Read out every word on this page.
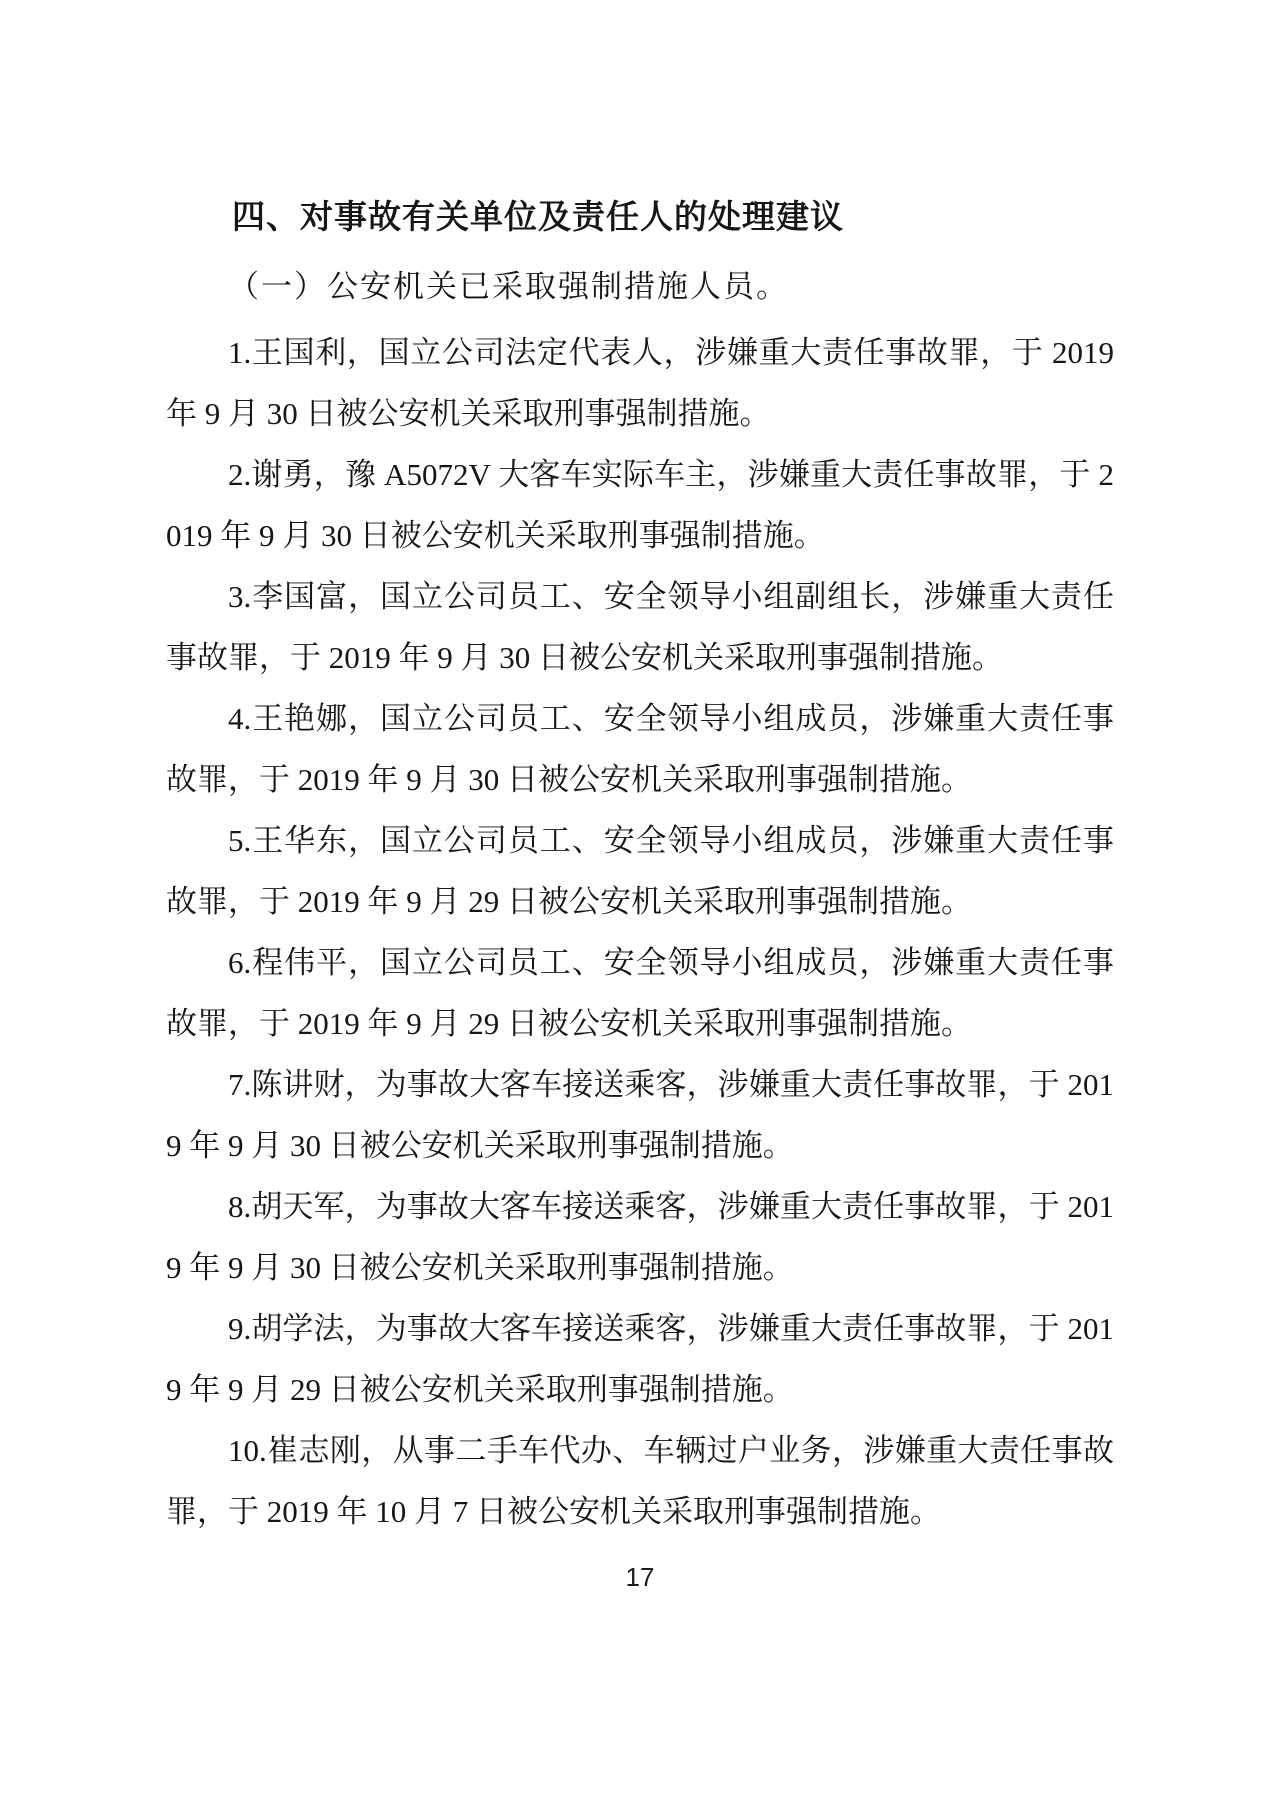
四、对事故有关单位及责任人的处理建议

（一）公安机关已采取强制措施人员。

1.王国利，国立公司法定代表人，涉嫌重大责任事故罪，于 2019 年 9 月 30 日被公安机关采取刑事强制措施。

2.谢勇，豫 A5072V 大客车实际车主，涉嫌重大责任事故罪，于 2019 年 9 月 30 日被公安机关采取刑事强制措施。

3.李国富，国立公司员工、安全领导小组副组长，涉嫌重大责任事故罪，于 2019 年 9 月 30 日被公安机关采取刑事强制措施。

4.王艳娜，国立公司员工、安全领导小组成员，涉嫌重大责任事故罪，于 2019 年 9 月 30 日被公安机关采取刑事强制措施。

5.王华东，国立公司员工、安全领导小组成员，涉嫌重大责任事故罪，于 2019 年 9 月 29 日被公安机关采取刑事强制措施。

6.程伟平，国立公司员工、安全领导小组成员，涉嫌重大责任事故罪，于 2019 年 9 月 29 日被公安机关采取刑事强制措施。

7.陈讲财，为事故大客车接送乘客，涉嫌重大责任事故罪，于 2019 年 9 月 30 日被公安机关采取刑事强制措施。

8.胡天军，为事故大客车接送乘客，涉嫌重大责任事故罪，于 2019 年 9 月 30 日被公安机关采取刑事强制措施。

9.胡学法，为事故大客车接送乘客，涉嫌重大责任事故罪，于 2019 年 9 月 29 日被公安机关采取刑事强制措施。

10.崔志刚，从事二手车代办、车辆过户业务，涉嫌重大责任事故罪，于 2019 年 10 月 7 日被公安机关采取刑事强制措施。

17
